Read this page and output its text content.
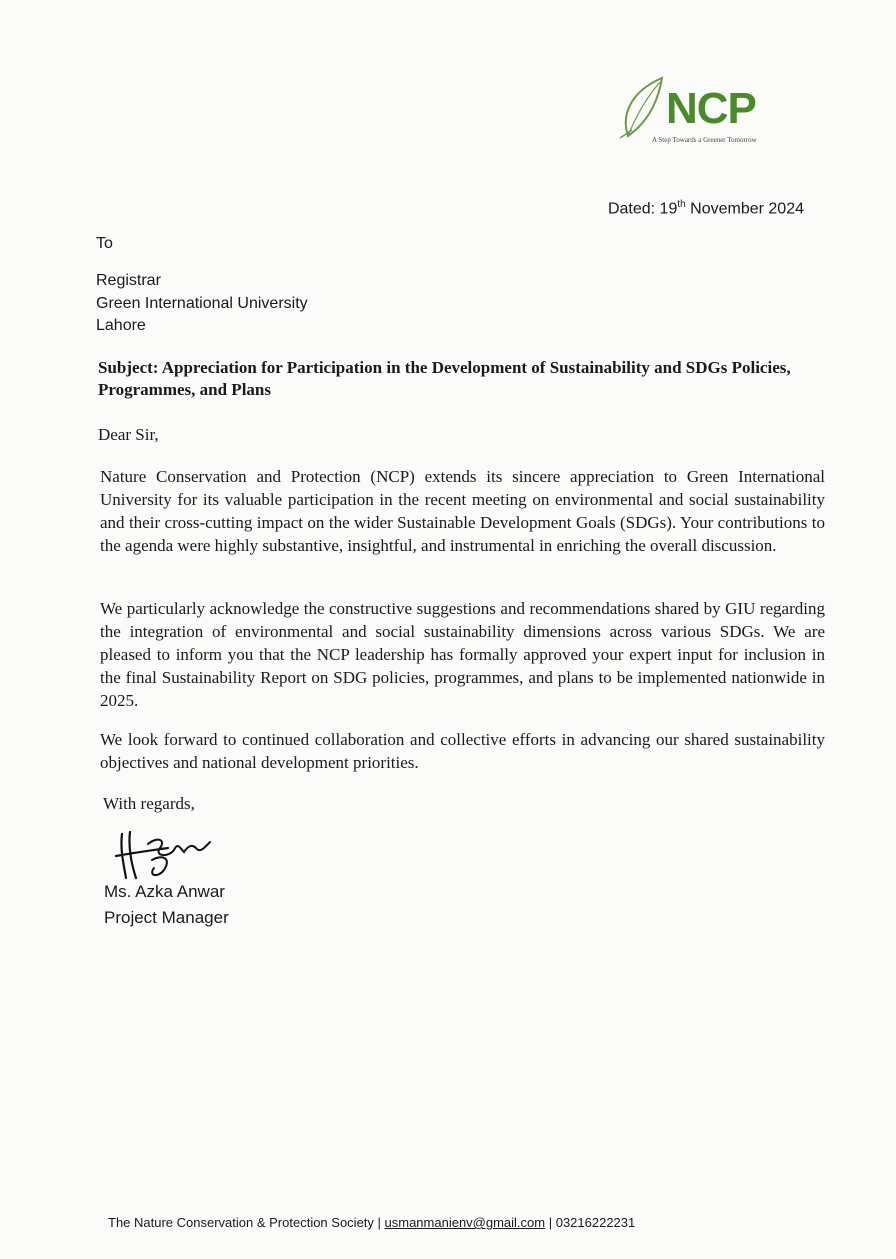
NCP
A Step Towards a Greener Tomorrow
Dated: 19th November 2024
To
Registrar
Green International University
Lahore
Subject: Appreciation for Participation in the Development of Sustainability and SDGs Policies, Programmes, and Plans
Dear Sir,
Nature Conservation and Protection (NCP) extends its sincere appreciation to Green International University for its valuable participation in the recent meeting on environmental and social sustainability and their cross-cutting impact on the wider Sustainable Development Goals (SDGs). Your contributions to the agenda were highly substantive, insightful, and instrumental in enriching the overall discussion.
We particularly acknowledge the constructive suggestions and recommendations shared by GIU regarding the integration of environmental and social sustainability dimensions across various SDGs. We are pleased to inform you that the NCP leadership has formally approved your expert input for inclusion in the final Sustainability Report on SDG policies, programmes, and plans to be implemented nationwide in 2025.
We look forward to continued collaboration and collective efforts in advancing our shared sustainability objectives and national development priorities.
With regards,
Ms. Azka Anwar
Project Manager
The Nature Conservation & Protection Society | usmanmanienv@gmail.com | 03216222231
